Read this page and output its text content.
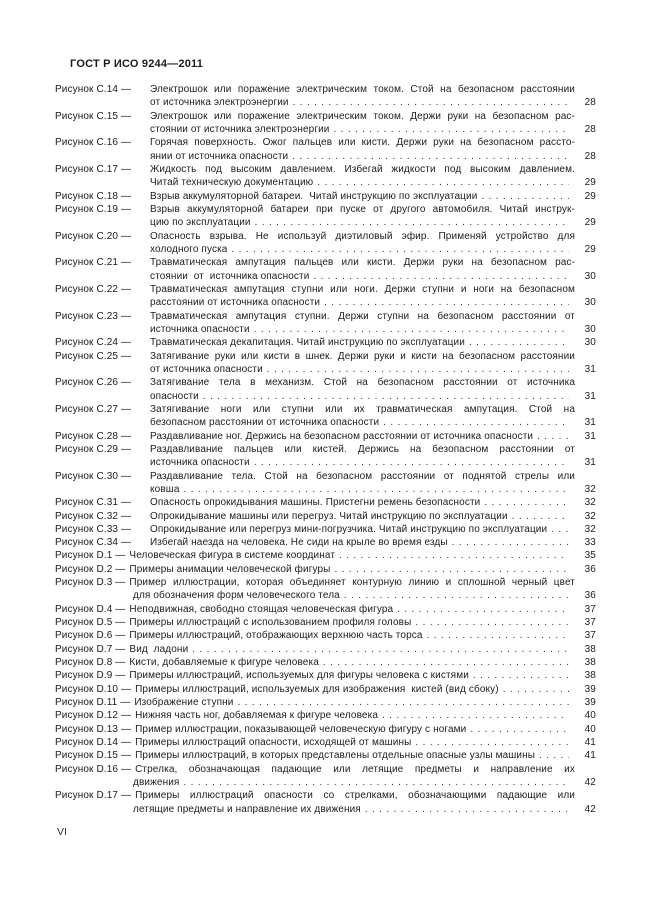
ГОСТ Р ИСО 9244—2011

Рисунок C.14 —	Электрошок или поражение электрическим током. Стой на безопасном расстоянии
от источника электроэнергии . . .	28
Рисунок C.15 —	Электрошок или поражение электрическим током. Держи руки на безопасном рас-
стоянии от источника электроэнергии . . .	28
Рисунок C.16 —	Горячая поверхность. Ожог пальцев или кисти. Держи руки на безопасном рассто-
янии от источника опасности . . .	28
Рисунок C.17 —	Жидкость под высоким давлением. Избегай жидкости под высоким давлением.
Читай техническую документацию . . .	29
Рисунок C.18 —	Взрыв аккумуляторной батареи.  Читай инструкцию по эксплуатации . . .	29
Рисунок C.19 —	Взрыв аккумуляторной батареи при пуске от другого автомобиля. Читай инструк-
цию по эксплуатации . . .	29
Рисунок C.20 —	Опасность взрыва. Не используй диэтиловый эфир. Применяй устройство для
холодного пуска . . .	29
Рисунок C.21 —	Травматическая ампутация пальцев или кисти. Держи руки на безопасном рас-
стоянии  от  источника опасности . . .	30
Рисунок C.22 —	Травматическая ампутация ступни или ноги. Держи ступни и ноги на безопасном
расстоянии от источника опасности . . .	30
Рисунок C.23 —	Травматическая ампутация ступни. Держи ступни на безопасном расстоянии от
источника опасности . . .	30
Рисунок C.24 —	Травматическая декапитация. Читай инструкцию по эксплуатации . . .	30
Рисунок C.25 —	Затягивание руки или кисти в шнек. Держи руки и кисти на безопасном расстоянии
от источника опасности . . .	31
Рисунок C.26 —	Затягивание тела в механизм. Стой на безопасном расстоянии от источника
опасности . . .	31
Рисунок C.27 —	Затягивание ноги или ступни или их травматическая ампутация. Стой на
безопасном расстоянии от источника опасности . . .	31
Рисунок C.28 —	Раздавливание ног. Держись на безопасном расстоянии от источника опасности . . .	31
Рисунок C.29 —	Раздавливание пальцев или кистей. Держись на безопасном расстоянии от
источника опасности . . .	31
Рисунок C.30 —	Раздавливание тела. Стой на безопасном расстоянии от поднятой стрелы или
ковша . . .	32
Рисунок C.31 —	Опасность опрокидывания машины. Пристегни ремень безопасности . . .	32
Рисунок C.32 —	Опрокидывание машины или перегруз. Читай инструкцию по эксплуатации . . .	32
Рисунок C.33 —	Опрокидывание или перегруз мини-погрузчика. Читай инструкцию по эксплуатации . . .	32
Рисунок C.34 —	Избегай наезда на человека. Не сиди на крыле во время езды . . .	33
Рисунок D.1 — Человеческая фигура в системе координат . . .	35
Рисунок D.2 — Примеры анимации человеческой фигуры . . .	36
Рисунок D.3 — Пример иллюстрации, которая объединяет контурную линию и сплошной черный цвет
для обозначения форм человеческого тела . . .	36
Рисунок D.4 — Неподвижная, свободно стоящая человеческая фигура . . .	37
Рисунок D.5 — Примеры иллюстраций с использованием профиля головы . . .	37
Рисунок D.6 — Примеры иллюстраций, отображающих верхнюю часть торса . . .	37
Рисунок D.7 — Вид  ладони . . .	38
Рисунок D.8 — Кисти, добавляемые к фигуре человека . . .	38
Рисунок D.9 — Примеры иллюстраций, используемых для фигуры человека с кистями . . .	38
Рисунок D.10 — Примеры иллюстраций, используемых для изображения  кистей (вид сбоку) . . .	39
Рисунок D.11 — Изображение ступни . . .	39
Рисунок D.12 — Нижняя часть ног, добавляемая к фигуре человека . . .	40
Рисунок D.13 — Пример иллюстрации, показывающей человеческую фигуру с ногами . . .	40
Рисунок D.14 — Примеры иллюстраций опасности, исходящей от машины . . .	41
Рисунок D.15 — Примеры иллюстраций, в которых представлены отдельные опасные узлы машины . . .	41
Рисунок D.16 — Стрелка, обозначающая падающие или летящие предметы и направление их
движения . . .	42
Рисунок D.17 — Примеры иллюстраций опасности со стрелками, обозначающими падающие или
летящие предметы и направление их движения . . .	42
VI
